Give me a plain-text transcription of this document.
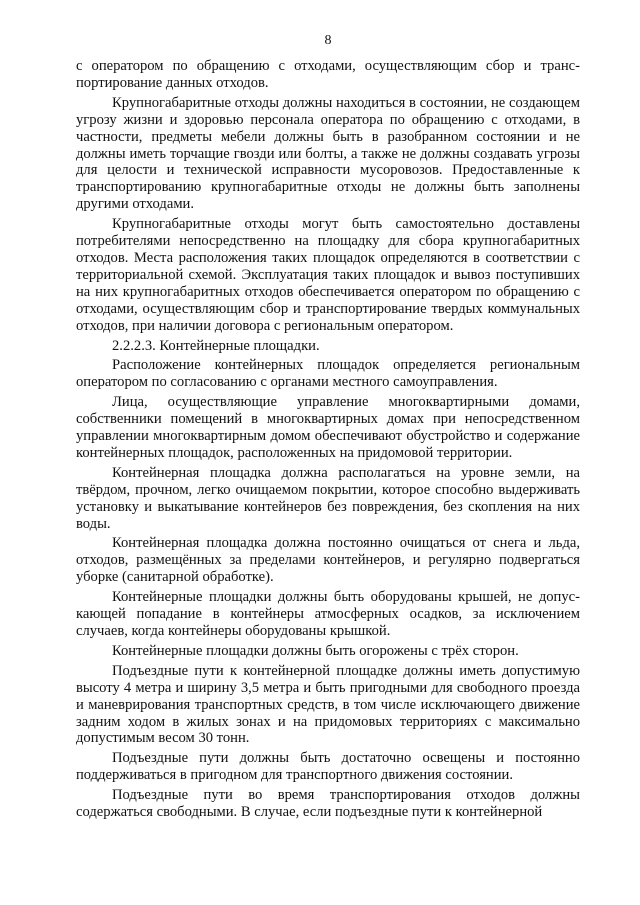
8

с оператором по обращению с отходами, осуществляющим сбор и транспортирование данных отходов.

Крупногабаритные отходы должны находиться в состоянии, не создающем угрозу жизни и здоровью персонала оператора по обращению с отходами, в частности, предметы мебели должны быть в разобранном состоянии и не должны иметь торчащие гвозди или болты, а также не должны создавать угрозы для целости и технической исправности мусоровозов. Предоставленные к транспортированию крупногабаритные отходы не должны быть заполнены другими отходами.

Крупногабаритные отходы могут быть самостоятельно доставлены потребителями непосредственно на площадку для сбора крупногабаритных отходов. Места расположения таких площадок определяются в соответствии с территориальной схемой. Эксплуатация таких площадок и вывоз поступивших на них крупногабаритных отходов обеспечивается оператором по обращению с отходами, осуществляющим сбор и транспортирование твердых коммунальных отходов, при наличии договора с региональным оператором.

2.2.2.3. Контейнерные площадки.

Расположение контейнерных площадок определяется региональным оператором по согласованию с органами местного самоуправления.

Лица, осуществляющие управление многоквартирными домами, собственники помещений в многоквартирных домах при непосредственном управлении многоквартирным домом обеспечивают обустройство и содержание контейнерных площадок, расположенных на придомовой территории.

Контейнерная площадка должна располагаться на уровне земли, на твёрдом, прочном, легко очищаемом покрытии, которое способно выдерживать установку и выкатывание контейнеров без повреждения, без скопления на них воды.

Контейнерная площадка должна постоянно очищаться от снега и льда, отходов, размещённых за пределами контейнеров, и регулярно подвергаться уборке (санитарной обработке).

Контейнерные площадки должны быть оборудованы крышей, не допускающей попадание в контейнеры атмосферных осадков, за исключением случаев, когда контейнеры оборудованы крышкой.

Контейнерные площадки должны быть огорожены с трёх сторон.

Подъездные пути к контейнерной площадке должны иметь допустимую высоту 4 метра и ширину 3,5 метра и быть пригодными для свободного проезда и маневрирования транспортных средств, в том числе исключающего движение задним ходом в жилых зонах и на придомовых территориях с максимально допустимым весом 30 тонн.

Подъездные пути должны быть достаточно освещены и постоянно поддерживаться в пригодном для транспортного движения состоянии.

Подъездные пути во время транспортирования отходов должны содержаться свободными. В случае, если подъездные пути к контейнерной
